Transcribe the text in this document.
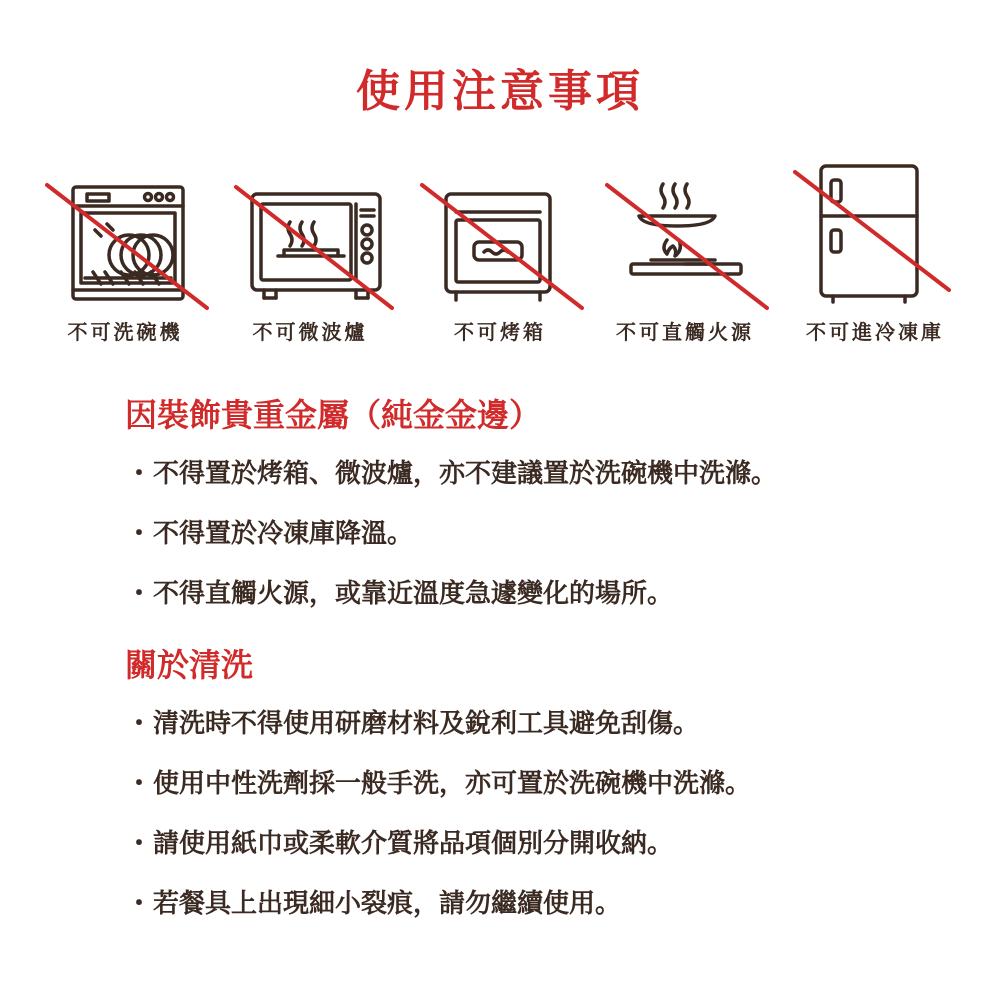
使用注意事項
不可洗碗機	不可微波爐	不可烤箱	不可直觸火源	不可進冷凍庫
因裝飾貴重金屬（純金金邊）

・不得置於烤箱、微波爐，亦不建議置於洗碗機中洗滌。

・不得置於冷凍庫降溫。

・不得直觸火源，或靠近溫度急遽變化的場所。

關於清洗

・清洗時不得使用研磨材料及銳利工具避免刮傷。

・使用中性洗劑採一般手洗，亦可置於洗碗機中洗滌。

・請使用紙巾或柔軟介質將品項個別分開收納。

・若餐具上出現細小裂痕，請勿繼續使用。
